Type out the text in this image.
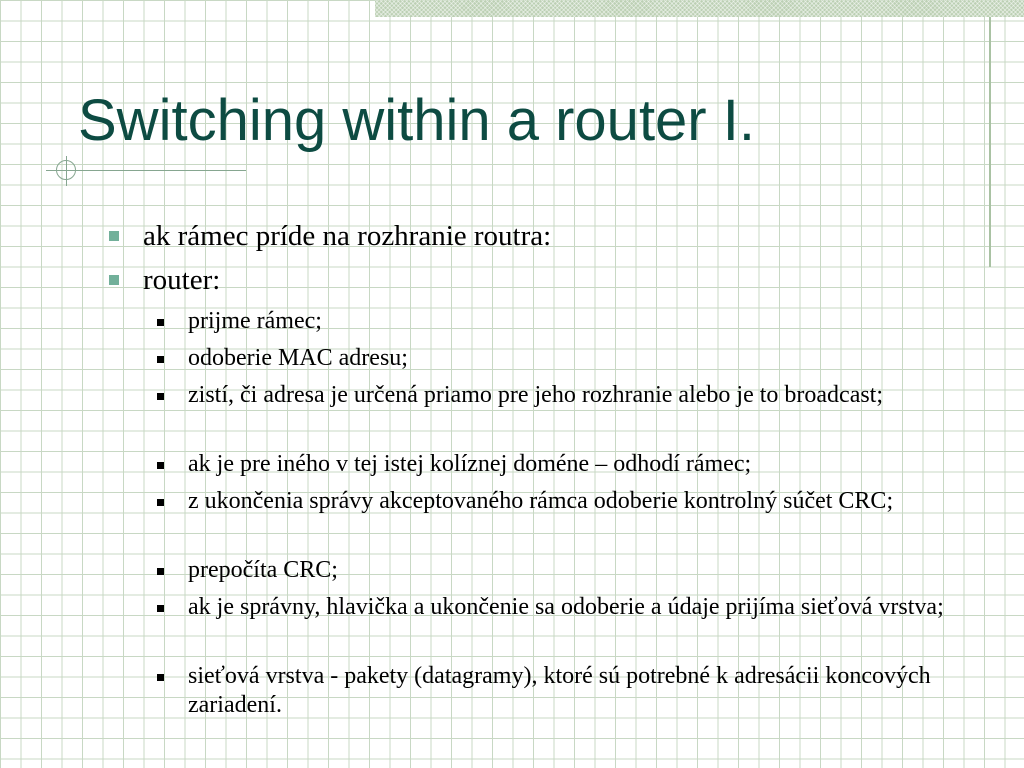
Switching within a router I.
ak rámec príde na rozhranie routra:
router:
prijme rámec;
odoberie MAC adresu;
zistí, či adresa je určená priamo pre jeho rozhranie alebo je to broadcast;
ak je pre iného v tej istej kolíznej doméne – odhodí rámec;
z ukončenia správy akceptovaného rámca odoberie kontrolný súčet CRC;
prepočíta CRC;
ak je správny, hlavička a ukončenie sa odoberie a údaje prijíma sieťová vrstva;
sieťová vrstva - pakety (datagramy), ktoré sú potrebné k adresácii koncových zariadení.
